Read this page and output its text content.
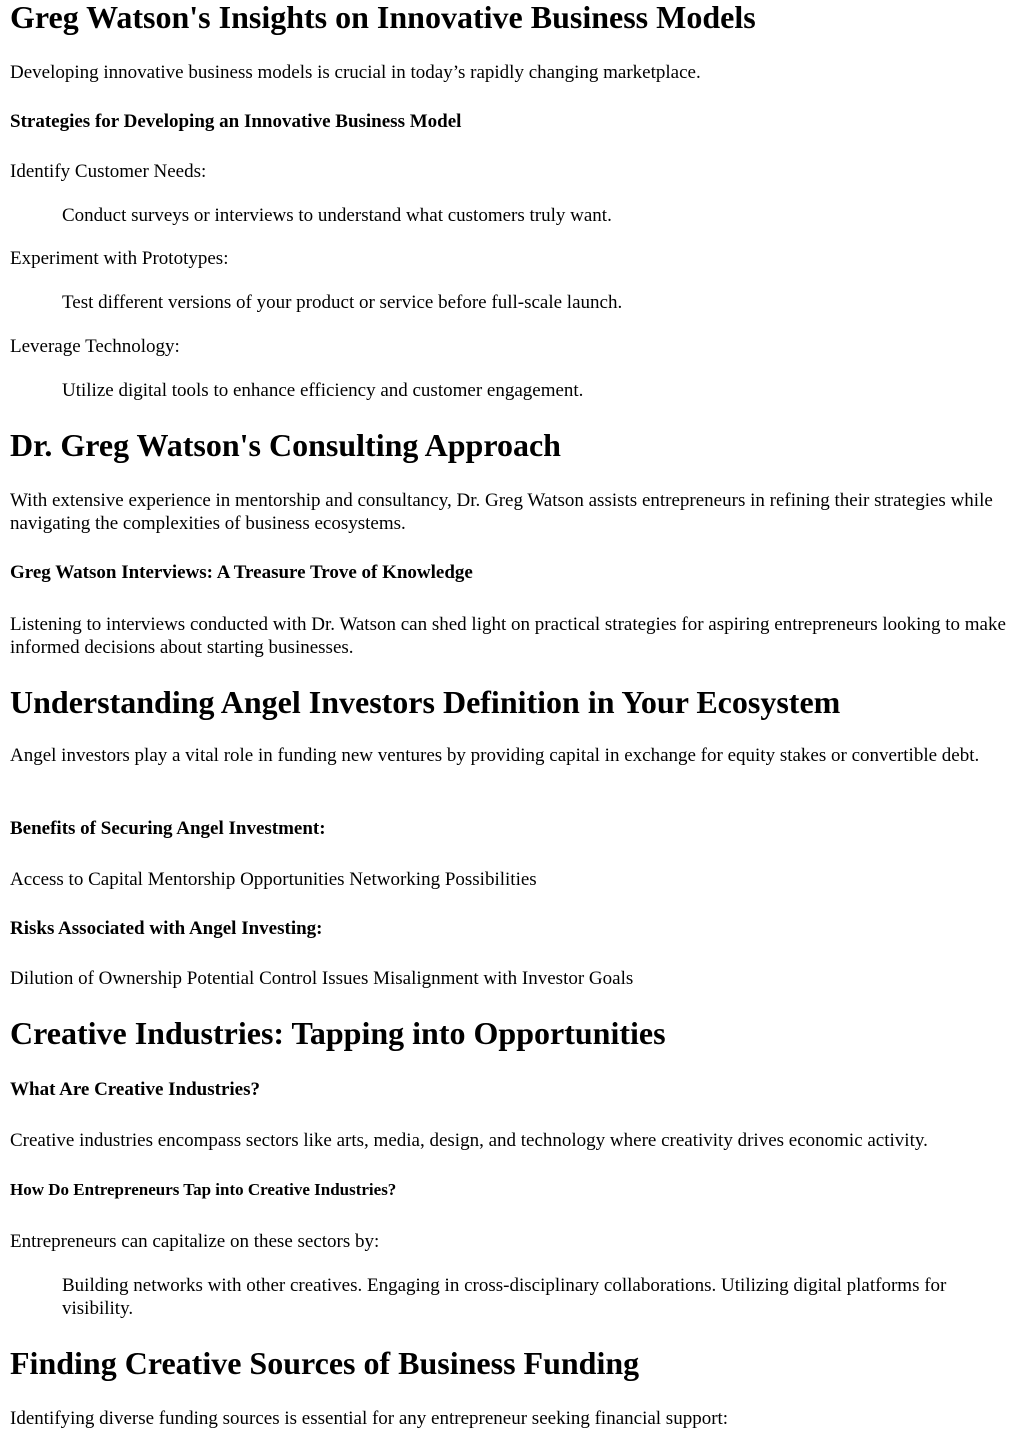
Greg Watson's Insights on Innovative Business Models

Developing innovative business models is crucial in today’s rapidly changing marketplace.

Strategies for Developing an Innovative Business Model

Identify Customer Needs:

Conduct surveys or interviews to understand what customers truly want.

Experiment with Prototypes:

Test different versions of your product or service before full-scale launch.

Leverage Technology:

Utilize digital tools to enhance efficiency and customer engagement.

Dr. Greg Watson's Consulting Approach

With extensive experience in mentorship and consultancy, Dr. Greg Watson assists entrepreneurs in refining their strategies while navigating the complexities of business ecosystems.

Greg Watson Interviews: A Treasure Trove of Knowledge

Listening to interviews conducted with Dr. Watson can shed light on practical strategies for aspiring entrepreneurs looking to make informed decisions about starting businesses.

Understanding Angel Investors Definition in Your Ecosystem

Angel investors play a vital role in funding new ventures by providing capital in exchange for equity stakes or convertible debt.

Benefits of Securing Angel Investment:

Access to Capital Mentorship Opportunities Networking Possibilities

Risks Associated with Angel Investing:

Dilution of Ownership Potential Control Issues Misalignment with Investor Goals

Creative Industries: Tapping into Opportunities
What Are Creative Industries?

Creative industries encompass sectors like arts, media, design, and technology where creativity drives economic activity.

How Do Entrepreneurs Tap into Creative Industries?

Entrepreneurs can capitalize on these sectors by:

Building networks with other creatives. Engaging in cross-disciplinary collaborations. Utilizing digital platforms for visibility.

Finding Creative Sources of Business Funding

Identifying diverse funding sources is essential for any entrepreneur seeking financial support:
